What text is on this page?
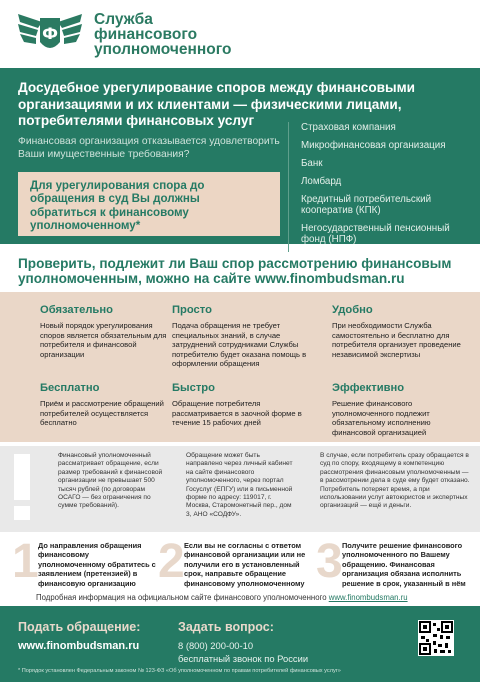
Ф
Служба
финансового
уполномоченного
Досудебное урегулирование споров между финансовыми организациями и их клиентами — физическими лицами, потребителями финансовых услуг
Финансовая организация отказывается удовлетворить Ваши имущественные требования?
Для урегулирования спора до обращения в суд Вы должны обратиться к финансовому уполномоченному*
Страховая компания
Микрофинансовая организация
Банк
Ломбард
Кредитный потребительский кооператив (КПК)
Негосударственный пенсионный фонд (НПФ)
Проверить, подлежит ли Ваш спор рассмотрению финансовым уполномоченным, можно на сайте www.finombudsman.ru
Обязательно

Новый порядок урегулирования споров является обязательным для потребителя и финансовой организации

Просто

Подача обращения не требует специальных знаний, в случае затруднений сотрудниками Службы потребителю будет оказана помощь в оформлении обращения

Удобно

При необходимости Служба самостоятельно и бесплатно для потребителя организует проведение независимой экспертизы

Бесплатно

Приём и рассмотрение обращений потребителей осуществляется бесплатно

Быстро

Обращение потребителя рассматривается в заочной форме в течение 15 рабочих дней

Эффективно

Решение финансового уполномоченного подлежит обязательному исполнению финансовой организацией

Финансовый уполномоченный рассматривает обращение, если размер требований к финансовой организации не превышает 500 тысяч рублей (по договорам ОСАГО — без ограничения по сумме требований).
Обращение может быть направлено через личный кабинет на сайте финансового уполномоченного, через портал Госуслуг (ЕПГУ) или в письменной форме по адресу: 119017, г. Москва, Старомонетный пер., дом 3, АНО «СОДФУ».
В случае, если потребитель сразу обращается в суд по спору, входящему в компетенцию рассмотрения финансовым уполномоченным — в рассмотрении дела в суде ему будет отказано. Потребитель потеряет время, а при использовании услуг автоюристов и экспертных организаций — ещё и деньги.
1 До направления обращения финансовому уполномоченному обратитесь с заявлением (претензией) в финансовую организацию 2 Если вы не согласны с ответом финансовой организации или не получили его в установленный срок, направьте обращение финансовому уполномоченному 3 Получите решение финансового уполномоченного по Вашему обращению. Финансовая организация обязана исполнить решение в срок, указанный в нём
Подробная информация на официальном сайте финансового уполномоченного www.finombudsman.ru
Подать обращение:
www.finombudsman.ru
Задать вопрос:
8 (800) 200-00-10
бесплатный звонок по России
* Порядок установлен Федеральным законом № 123-ФЗ «Об уполномоченном по правам потребителей финансовых услуг»
